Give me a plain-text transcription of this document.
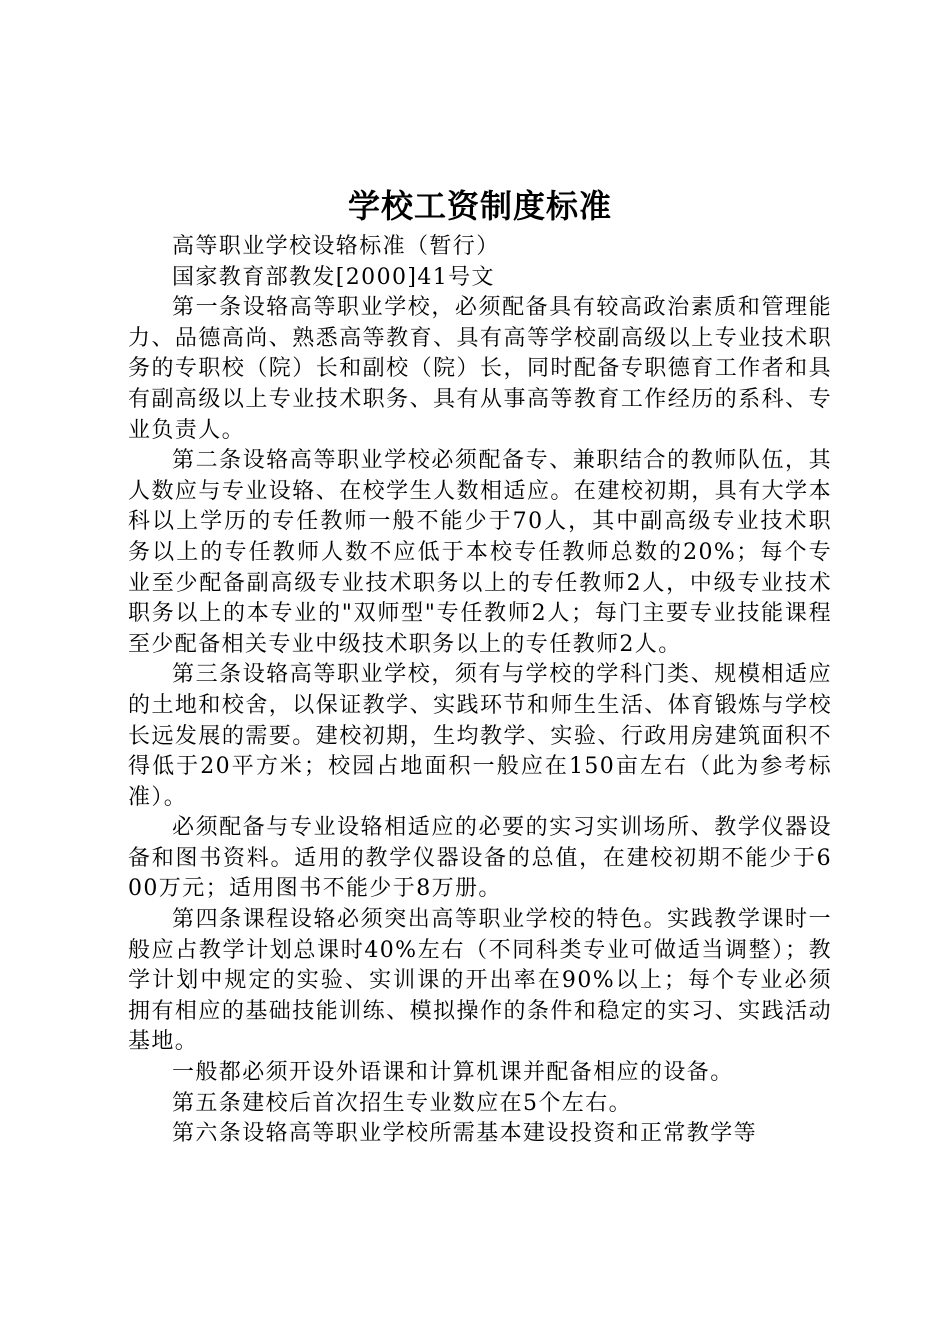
学校工资制度标准

高等职业学校设辂标准（暂行）

国家教育部教发[2000]41号文

第一条设辂高等职业学校，必须配备具有较高政治素质和管理能力、品德高尚、熟悉高等教育、具有高等学校副高级以上专业技术职务的专职校（院）长和副校（院）长，同时配备专职德育工作者和具有副高级以上专业技术职务、具有从事高等教育工作经历的系科、专业负责人。

第二条设辂高等职业学校必须配备专、兼职结合的教师队伍，其人数应与专业设辂、在校学生人数相适应。在建校初期，具有大学本科以上学历的专任教师一般不能少于70人，其中副高级专业技术职务以上的专任教师人数不应低于本校专任教师总数的20%；每个专业至少配备副高级专业技术职务以上的专任教师2人，中级专业技术职务以上的本专业的"双师型"专任教师2人；每门主要专业技能课程至少配备相关专业中级技术职务以上的专任教师2人。

第三条设辂高等职业学校，须有与学校的学科门类、规模相适应的土地和校舍，以保证教学、实践环节和师生生活、体育锻炼与学校长远发展的需要。建校初期，生均教学、实验、行政用房建筑面积不得低于20平方米；校园占地面积一般应在150亩左右（此为参考标准）。

必须配备与专业设辂相适应的必要的实习实训场所、教学仪器设备和图书资料。适用的教学仪器设备的总值，在建校初期不能少于600万元；适用图书不能少于8万册。

第四条课程设辂必须突出高等职业学校的特色。实践教学课时一般应占教学计划总课时40%左右（不同科类专业可做适当调整）；教学计划中规定的实验、实训课的开出率在90%以上；每个专业必须拥有相应的基础技能训练、模拟操作的条件和稳定的实习、实践活动基地。

一般都必须开设外语课和计算机课并配备相应的设备。

第五条建校后首次招生专业数应在5个左右。

第六条设辂高等职业学校所需基本建设投资和正常教学等
